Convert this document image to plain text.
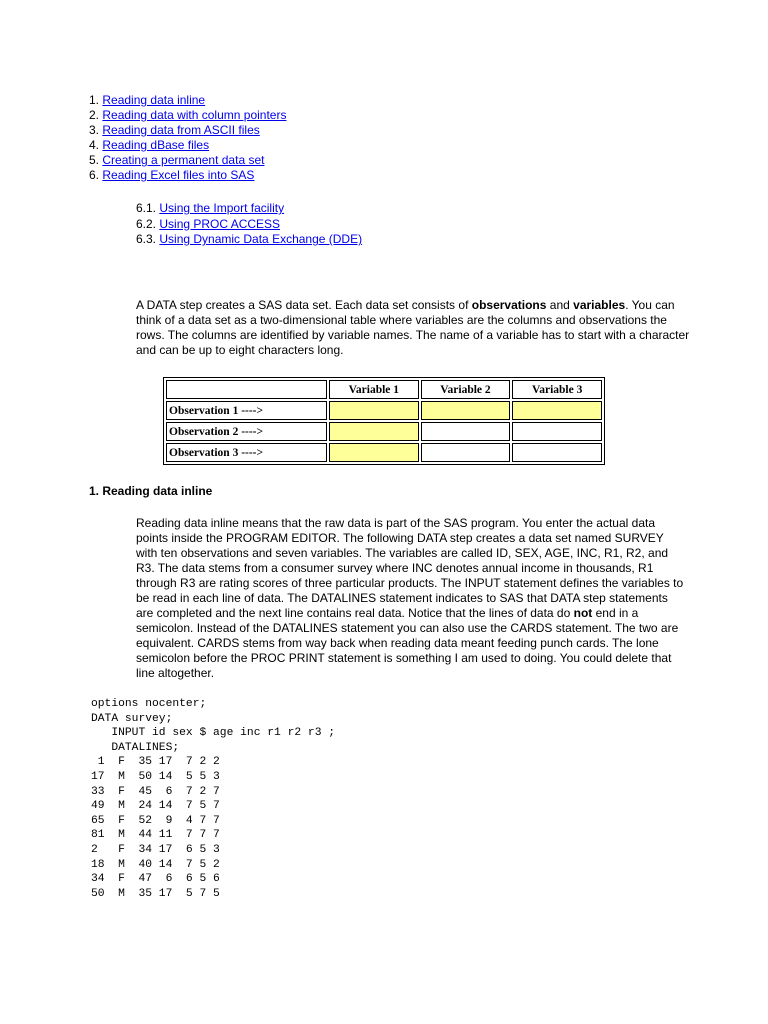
1. Reading data inline
2. Reading data with column pointers
3. Reading data from ASCII files
4. Reading dBase files
5. Creating a permanent data set
6. Reading Excel files into SAS
6.1. Using the Import facility
6.2. Using PROC ACCESS
6.3. Using Dynamic Data Exchange (DDE)

A DATA step creates a SAS data set. Each data set consists of observations and variables. You can think of a data set as a two-dimensional table where variables are the columns and observations the rows. The columns are identified by variable names. The name of a variable has to start with a character and can be up to eight characters long.

	Variable 1	Variable 2	Variable 3
Observation 1 ---->			
Observation 2 ---->			
Observation 3 ---->			
1. Reading data inline

Reading data inline means that the raw data is part of the SAS program. You enter the actual data points inside the PROGRAM EDITOR. The following DATA step creates a data set named SURVEY with ten observations and seven variables. The variables are called ID, SEX, AGE, INC, R1, R2, and R3. The data stems from a consumer survey where INC denotes annual income in thousands, R1 through R3 are rating scores of three particular products. The INPUT statement defines the variables to be read in each line of data. The DATALINES statement indicates to SAS that DATA step statements are completed and the next line contains real data. Notice that the lines of data do not end in a semicolon. Instead of the DATALINES statement you can also use the CARDS statement. The two are equivalent. CARDS stems from way back when reading data meant feeding punch cards. The lone semicolon before the PROC PRINT statement is something I am used to doing. You could delete that line altogether.

options nocenter;
DATA survey;
INPUT id sex $ age inc r1 r2 r3 ;
DATALINES;
1  F  35 17  7 2 2
17  M  50 14  5 5 3
33  F  45  6  7 2 7
49  M  24 14  7 5 7
65  F  52  9  4 7 7
81  M  44 11  7 7 7
2   F  34 17  6 5 3
18  M  40 14  7 5 2
34  F  47  6  6 5 6
50  M  35 17  5 7 5
